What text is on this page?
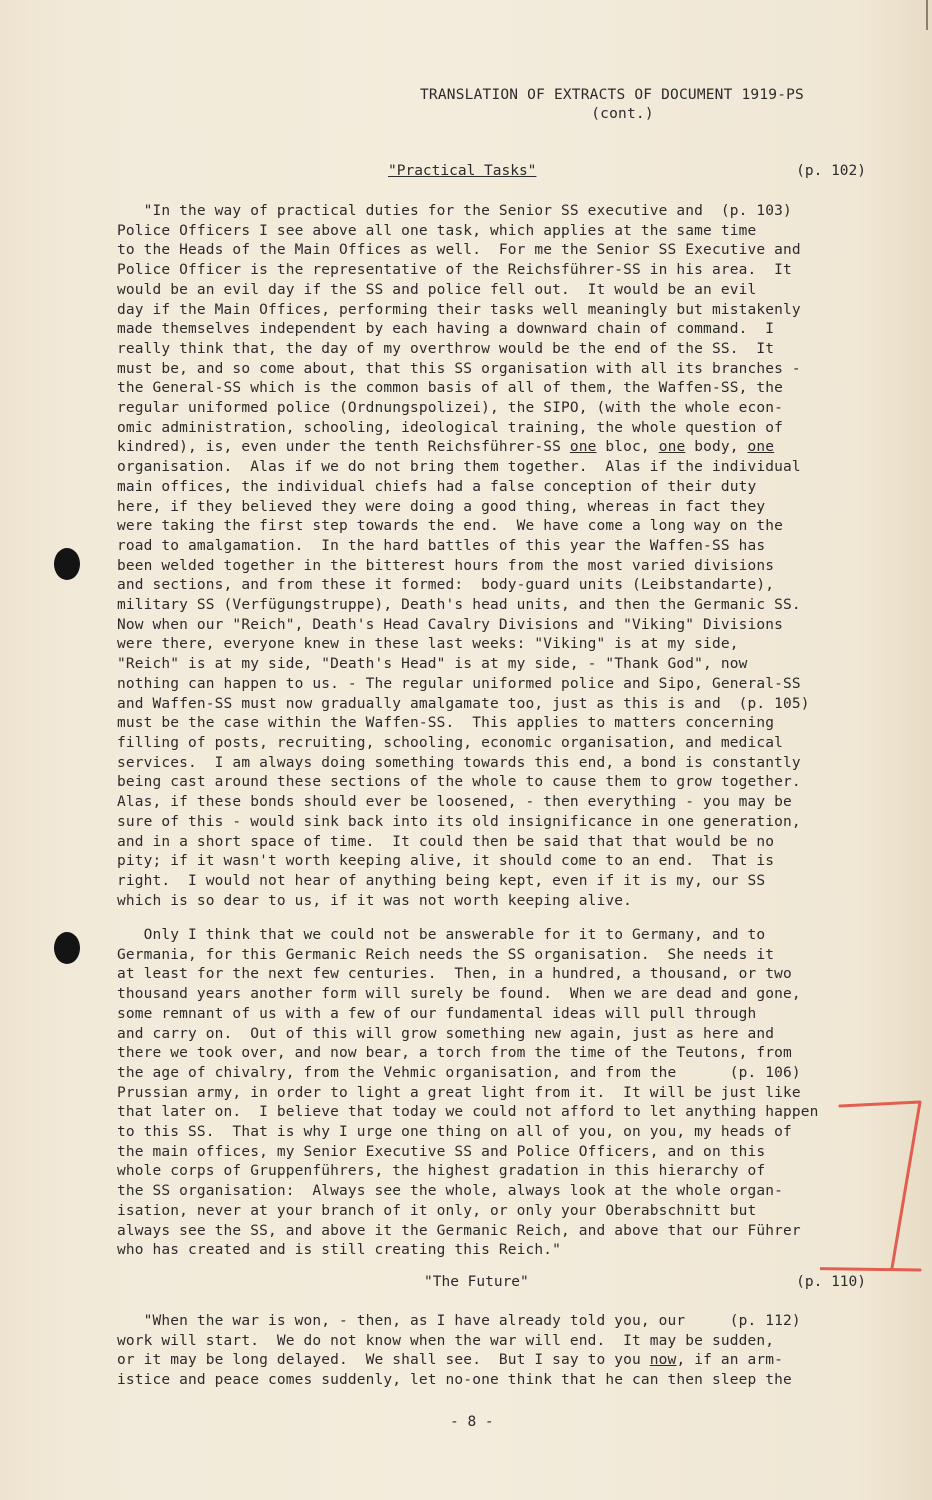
TRANSLATION OF EXTRACTS OF DOCUMENT 1919-PS
(cont.)
"Practical Tasks"	(p. 102)
"In the way of practical duties for the Senior SS executive and  (p. 103)
Police Officers I see above all one task, which applies at the same time
to the Heads of the Main Offices as well.  For me the Senior SS Executive and
Police Officer is the representative of the Reichsführer-SS in his area.  It
would be an evil day if the SS and police fell out.  It would be an evil
day if the Main Offices, performing their tasks well meaningly but mistakenly
made themselves independent by each having a downward chain of command.  I
really think that, the day of my overthrow would be the end of the SS.  It
must be, and so come about, that this SS organisation with all its branches -
the General-SS which is the common basis of all of them, the Waffen-SS, the
regular uniformed police (Ordnungspolizei), the SIPO, (with the whole econ-
omic administration, schooling, ideological training, the whole question of
kindred), is, even under the tenth Reichsführer-SS one bloc, one body, one
organisation.  Alas if we do not bring them together.  Alas if the individual
main offices, the individual chiefs had a false conception of their duty
here, if they believed they were doing a good thing, whereas in fact they
were taking the first step towards the end.  We have come a long way on the
road to amalgamation.  In the hard battles of this year the Waffen-SS has
been welded together in the bitterest hours from the most varied divisions
and sections, and from these it formed:  body-guard units (Leibstandarte),
military SS (Verfügungstruppe), Death's head units, and then the Germanic SS.
Now when our "Reich", Death's Head Cavalry Divisions and "Viking" Divisions
were there, everyone knew in these last weeks: "Viking" is at my side,
"Reich" is at my side, "Death's Head" is at my side, - "Thank God", now
nothing can happen to us. - The regular uniformed police and Sipo, General-SS
and Waffen-SS must now gradually amalgamate too, just as this is and  (p. 105)
must be the case within the Waffen-SS.  This applies to matters concerning
filling of posts, recruiting, schooling, economic organisation, and medical
services.  I am always doing something towards this end, a bond is constantly
being cast around these sections of the whole to cause them to grow together.
Alas, if these bonds should ever be loosened, - then everything - you may be
sure of this - would sink back into its old insignificance in one generation,
and in a short space of time.  It could then be said that that would be no
pity; if it wasn't worth keeping alive, it should come to an end.  That is
right.  I would not hear of anything being kept, even if it is my, our SS
which is so dear to us, if it was not worth keeping alive.
Only I think that we could not be answerable for it to Germany, and to
Germania, for this Germanic Reich needs the SS organisation.  She needs it
at least for the next few centuries.  Then, in a hundred, a thousand, or two
thousand years another form will surely be found.  When we are dead and gone,
some remnant of us with a few of our fundamental ideas will pull through
and carry on.  Out of this will grow something new again, just as here and
there we took over, and now bear, a torch from the time of the Teutons, from
the age of chivalry, from the Vehmic organisation, and from the      (p. 106)
Prussian army, in order to light a great light from it.  It will be just like
that later on.  I believe that today we could not afford to let anything happen
to this SS.  That is why I urge one thing on all of you, on you, my heads of
the main offices, my Senior Executive SS and Police Officers, and on this
whole corps of Gruppenführers, the highest gradation in this hierarchy of
the SS organisation:  Always see the whole, always look at the whole organ-
isation, never at your branch of it only, or only your Oberabschnitt but
always see the SS, and above it the Germanic Reich, and above that our Führer
who has created and is still creating this Reich."
"The Future"	(p. 110)
"When the war is won, - then, as I have already told you, our     (p. 112)
work will start.  We do not know when the war will end.  It may be sudden,
or it may be long delayed.  We shall see.  But I say to you now, if an arm-
istice and peace comes suddenly, let no-one think that he can then sleep the
- 8 -
